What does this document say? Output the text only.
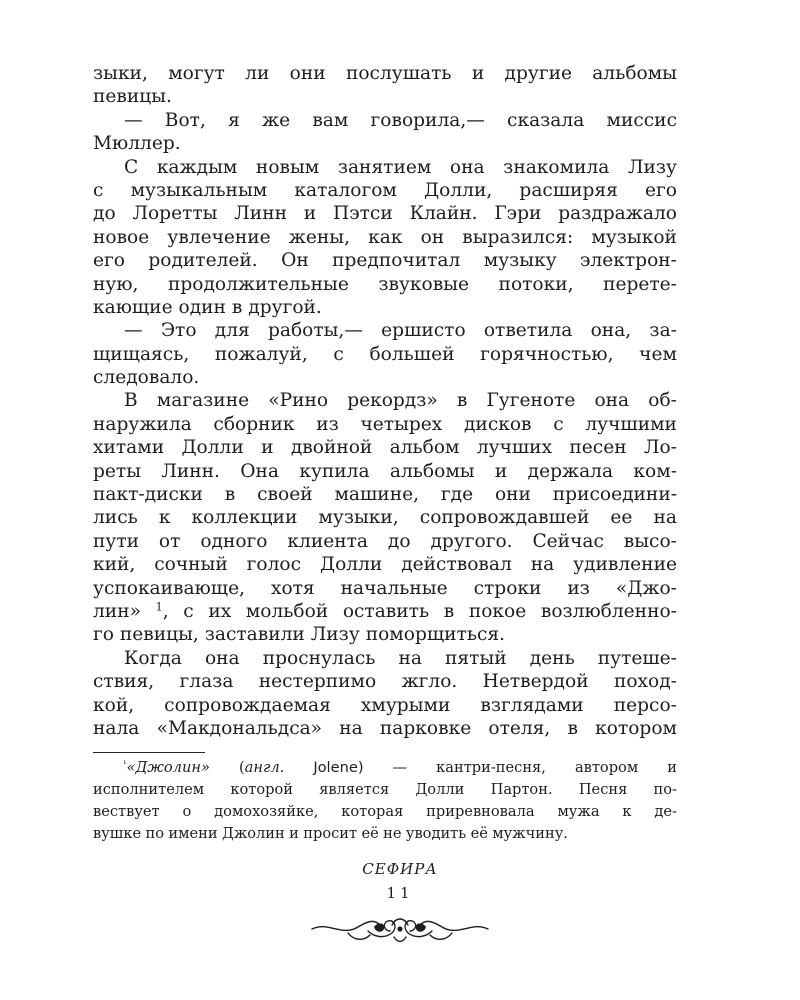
зыки, могут ли они послушать и другие альбомы
певицы.
— Вот, я же вам говорила,— сказала миссис
Мюллер.
С каждым новым занятием она знакомила Лизу
с музыкальным каталогом Долли, расширяя его
до Лоретты Линн и Пэтси Клайн. Гэри раздражало
новое увлечение жены, как он выразился: музыкой
его родителей. Он предпочитал музыку электрон-
ную, продолжительные звуковые потоки, перете-
кающие один в другой.
— Это для работы,— ершисто ответила она, за-
щищаясь, пожалуй, с большей горячностью, чем
следовало.
В магазине «Рино рекордз» в Гугеноте она об-
наружила сборник из четырех дисков с лучшими
хитами Долли и двойной альбом лучших песен Ло-
реты Линн. Она купила альбомы и держала ком-
пакт-диски в своей машине, где они присоедини-
лись к коллекции музыки, сопровождавшей ее на
пути от одного клиента до другого. Сейчас высо-
кий, сочный голос Долли действовал на удивление
успокаивающе, хотя начальные строки из «Джо-
лин» $^1$, с их мольбой оставить в покое возлюбленно-
го певицы, заставили Лизу поморщиться.
Когда она проснулась на пятый день путеше-
ствия, глаза нестерпимо жгло. Нетвердой поход-
кой, сопровождаемая хмурыми взглядами персо-
нала «Макдональдса» на парковке отеля, в котором
$^{^1}$«Джолин» (англ. Jolene) — кантри-песня, автором и
исполнителем которой является Долли Партон. Песня по-
вествует о домохозяйке, которая приревновала мужа к де-
вушке по имени Джолин и просит её не уводить её мужчину.
СЕФИРА
11
